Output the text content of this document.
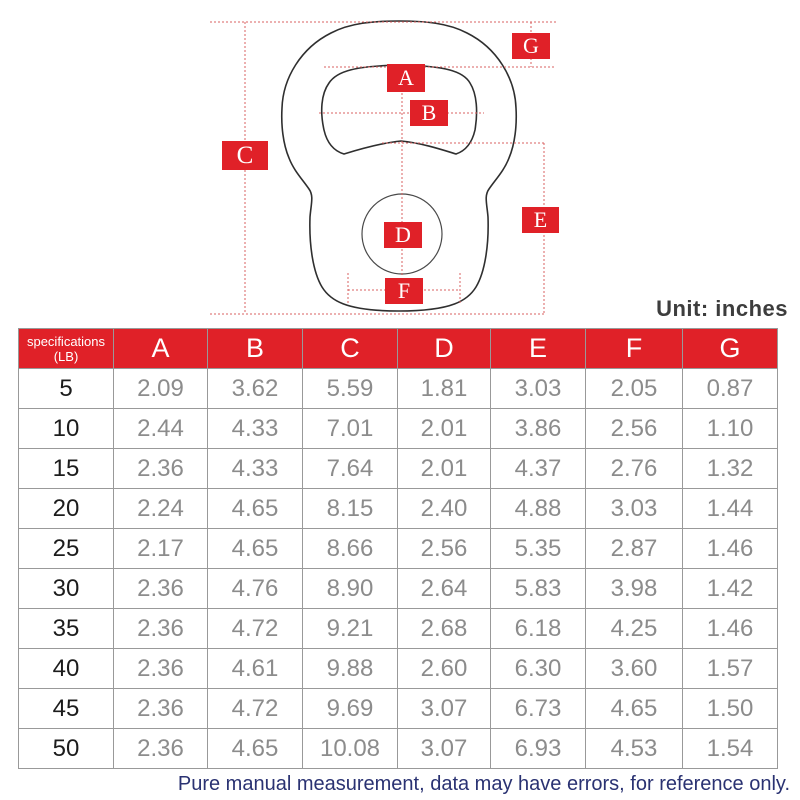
A
B
C
D
E
F
G
Unit: inches
specifications
(LB)	A	B	C	D	E	F	G
5	2.09	3.62	5.59	1.81	3.03	2.05	0.87
10	2.44	4.33	7.01	2.01	3.86	2.56	1.10
15	2.36	4.33	7.64	2.01	4.37	2.76	1.32
20	2.24	4.65	8.15	2.40	4.88	3.03	1.44
25	2.17	4.65	8.66	2.56	5.35	2.87	1.46
30	2.36	4.76	8.90	2.64	5.83	3.98	1.42
35	2.36	4.72	9.21	2.68	6.18	4.25	1.46
40	2.36	4.61	9.88	2.60	6.30	3.60	1.57
45	2.36	4.72	9.69	3.07	6.73	4.65	1.50
50	2.36	4.65	10.08	3.07	6.93	4.53	1.54
Pure manual measurement, data may have errors, for reference only.
